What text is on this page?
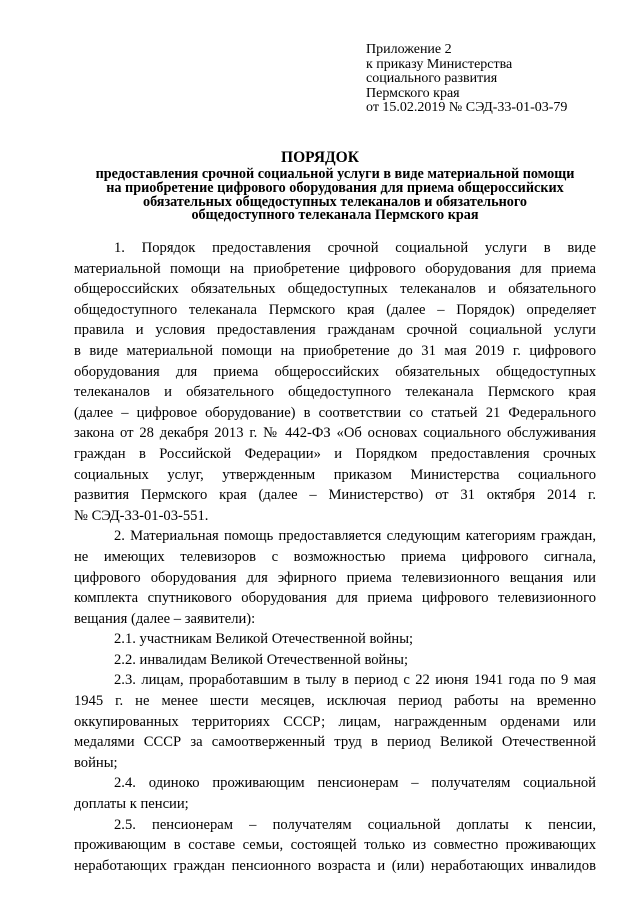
Приложение 2
к приказу Министерства
социального развития
Пермского края
от 15.02.2019 № СЭД-33-01-03-79
ПОРЯДОК
предоставления срочной социальной услуги в виде материальной помощи
на приобретение цифрового оборудования для приема общероссийских
обязательных общедоступных телеканалов и обязательного
общедоступного телеканала Пермского края
1. Порядок предоставления срочной социальной услуги в виде
материальной помощи на приобретение цифрового оборудования для приема
общероссийских обязательных общедоступных телеканалов и обязательного
общедоступного телеканала Пермского края (далее – Порядок) определяет
правила и условия предоставления гражданам срочной социальной услуги
в виде материальной помощи на приобретение до 31 мая 2019 г. цифрового
оборудования для приема общероссийских обязательных общедоступных
телеканалов и обязательного общедоступного телеканала Пермского края
(далее – цифровое оборудование) в соответствии со статьей 21 Федерального
закона от 28 декабря 2013 г. № 442-ФЗ «Об основах социального обслуживания
граждан в Российской Федерации» и Порядком предоставления срочных
социальных услуг, утвержденным приказом Министерства социального
развития Пермского края (далее – Министерство) от 31 октября 2014 г.
№ СЭД-33-01-03-551.
2. Материальная помощь предоставляется следующим категориям граждан,
не имеющих телевизоров с возможностью приема цифрового сигнала,
цифрового оборудования для эфирного приема телевизионного вещания или
комплекта спутникового оборудования для приема цифрового телевизионного
вещания (далее – заявители):
2.1. участникам Великой Отечественной войны;
2.2. инвалидам Великой Отечественной войны;
2.3. лицам, проработавшим в тылу в период с 22 июня 1941 года по 9 мая
1945 г. не менее шести месяцев, исключая период работы на временно
оккупированных территориях СССР; лицам, награжденным орденами или
медалями СССР за самоотверженный труд в период Великой Отечественной
войны;
2.4. одиноко проживающим пенсионерам – получателям социальной
доплаты к пенсии;
2.5. пенсионерам – получателям социальной доплаты к пенсии,
проживающим в составе семьи, состоящей только из совместно проживающих
неработающих граждан пенсионного возраста и (или) неработающих инвалидов
